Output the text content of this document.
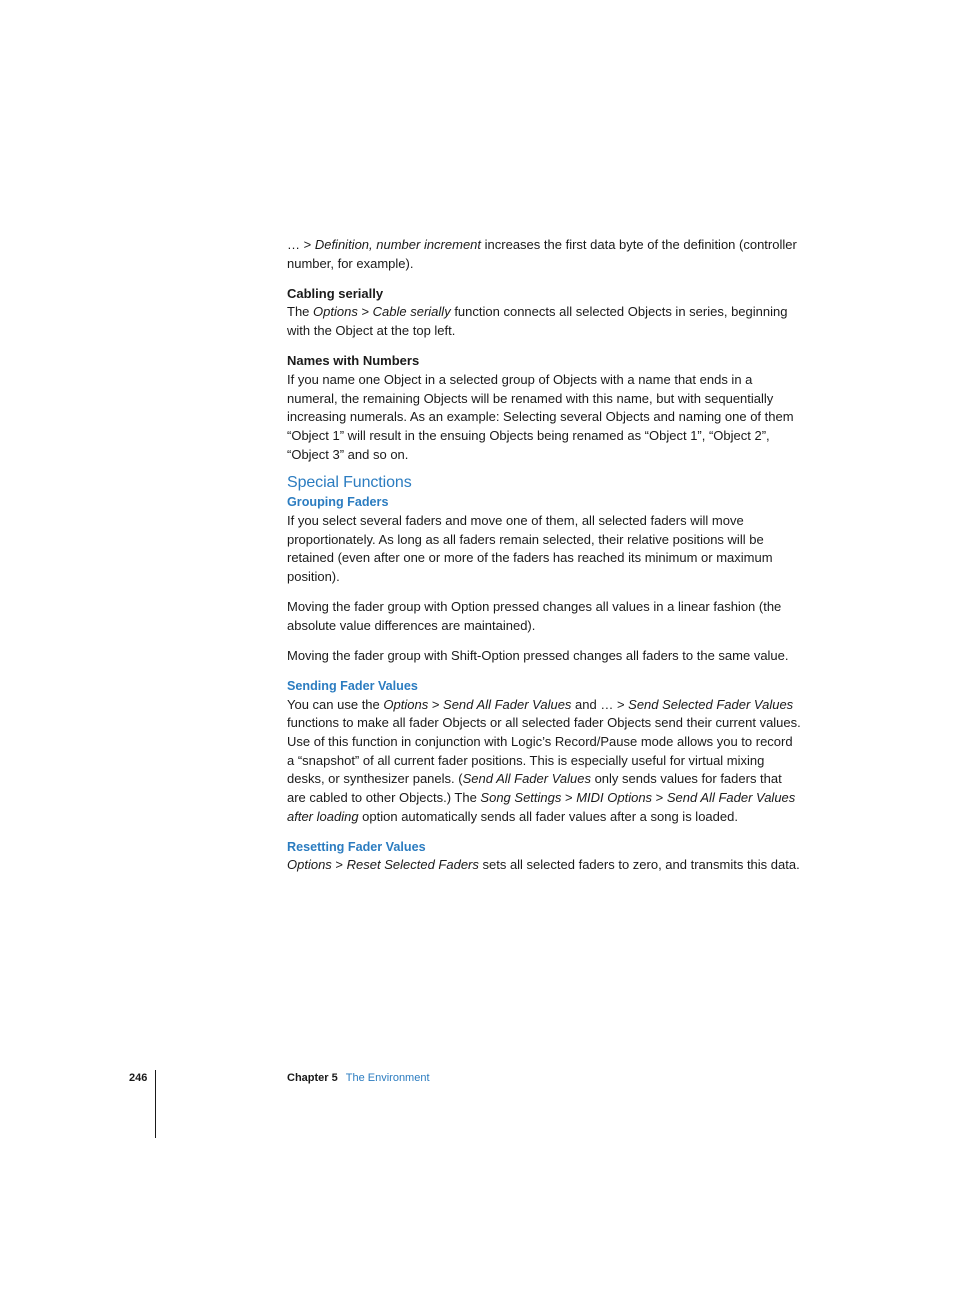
… > Definition, number increment increases the first data byte of the definition (controller number, for example).

Cabling serially

The Options > Cable serially function connects all selected Objects in series, beginning with the Object at the top left.

Names with Numbers

If you name one Object in a selected group of Objects with a name that ends in a numeral, the remaining Objects will be renamed with this name, but with sequentially increasing numerals. As an example: Selecting several Objects and naming one of them “Object 1” will result in the ensuing Objects being renamed as “Object 1”, “Object 2”, “Object 3” and so on.

Special Functions

Grouping Faders

If you select several faders and move one of them, all selected faders will move proportionately. As long as all faders remain selected, their relative positions will be retained (even after one or more of the faders has reached its minimum or maximum position).

Moving the fader group with Option pressed changes all values in a linear fashion (the absolute value differences are maintained).

Moving the fader group with Shift-Option pressed changes all faders to the same value.

Sending Fader Values

You can use the Options > Send All Fader Values and … > Send Selected Fader Values functions to make all fader Objects or all selected fader Objects send their current values. Use of this function in conjunction with Logic’s Record/Pause mode allows you to record a “snapshot” of all current fader positions. This is especially useful for virtual mixing desks, or synthesizer panels. (Send All Fader Values only sends values for faders that are cabled to other Objects.) The Song Settings > MIDI Options > Send All Fader Values after loading option automatically sends all fader values after a song is loaded.

Resetting Fader Values

Options > Reset Selected Faders sets all selected faders to zero, and transmits this data.

246	Chapter 5 The Environment
